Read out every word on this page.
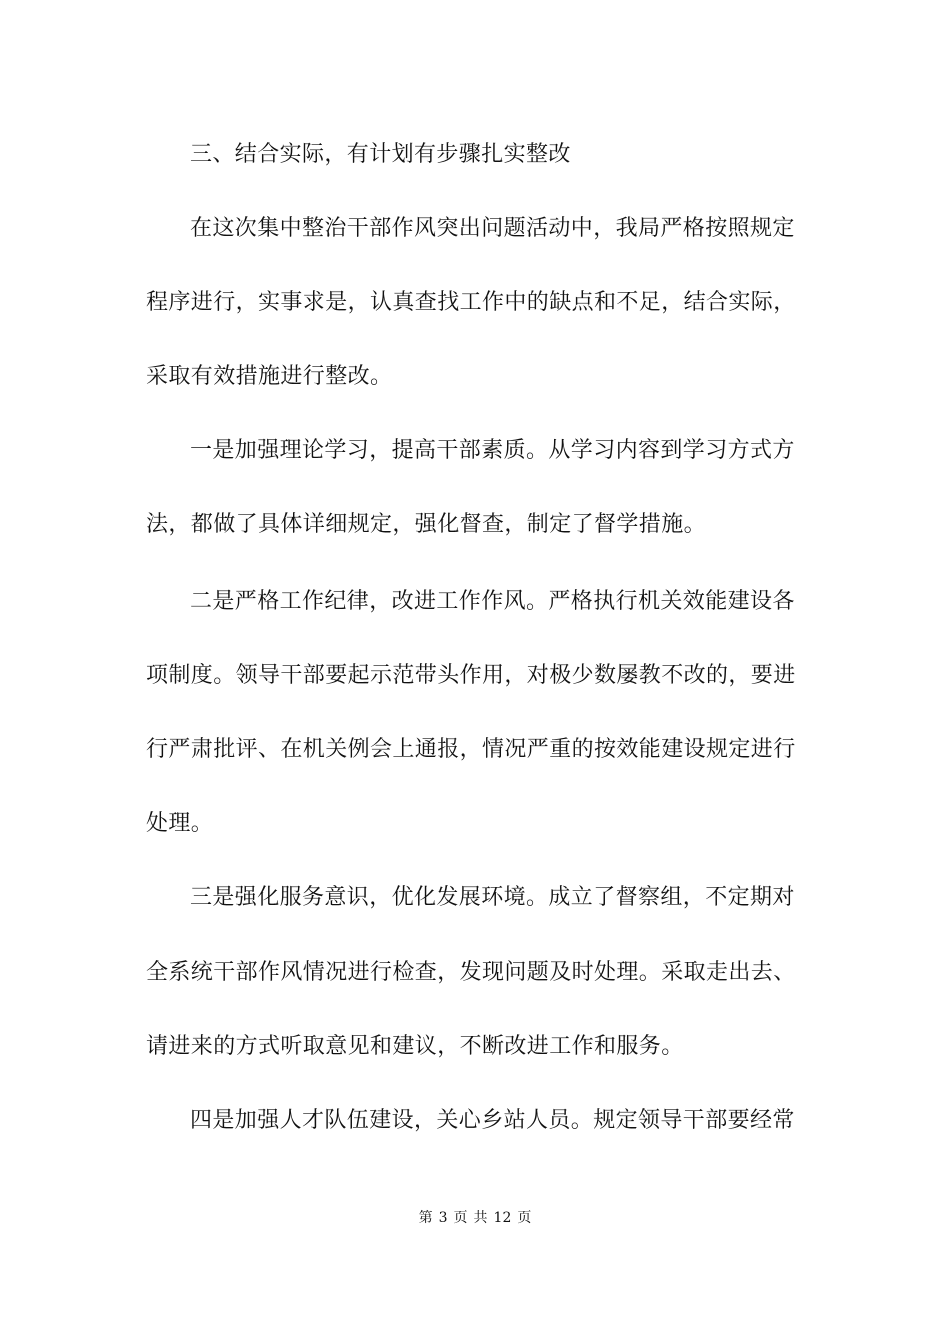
三、结合实际，有计划有步骤扎实整改
在这次集中整治干部作风突出问题活动中，我局严格按照规定
程序进行，实事求是，认真查找工作中的缺点和不足，结合实际，
采取有效措施进行整改。
一是加强理论学习，提高干部素质。从学习内容到学习方式方
法，都做了具体详细规定，强化督查，制定了督学措施。
二是严格工作纪律，改进工作作风。严格执行机关效能建设各
项制度。领导干部要起示范带头作用，对极少数屡教不改的，要进
行严肃批评、在机关例会上通报，情况严重的按效能建设规定进行
处理。
三是强化服务意识，优化发展环境。成立了督察组，不定期对
全系统干部作风情况进行检查，发现问题及时处理。采取走出去、
请进来的方式听取意见和建议，不断改进工作和服务。
四是加强人才队伍建设，关心乡站人员。规定领导干部要经常
第 3 页 共 12 页
